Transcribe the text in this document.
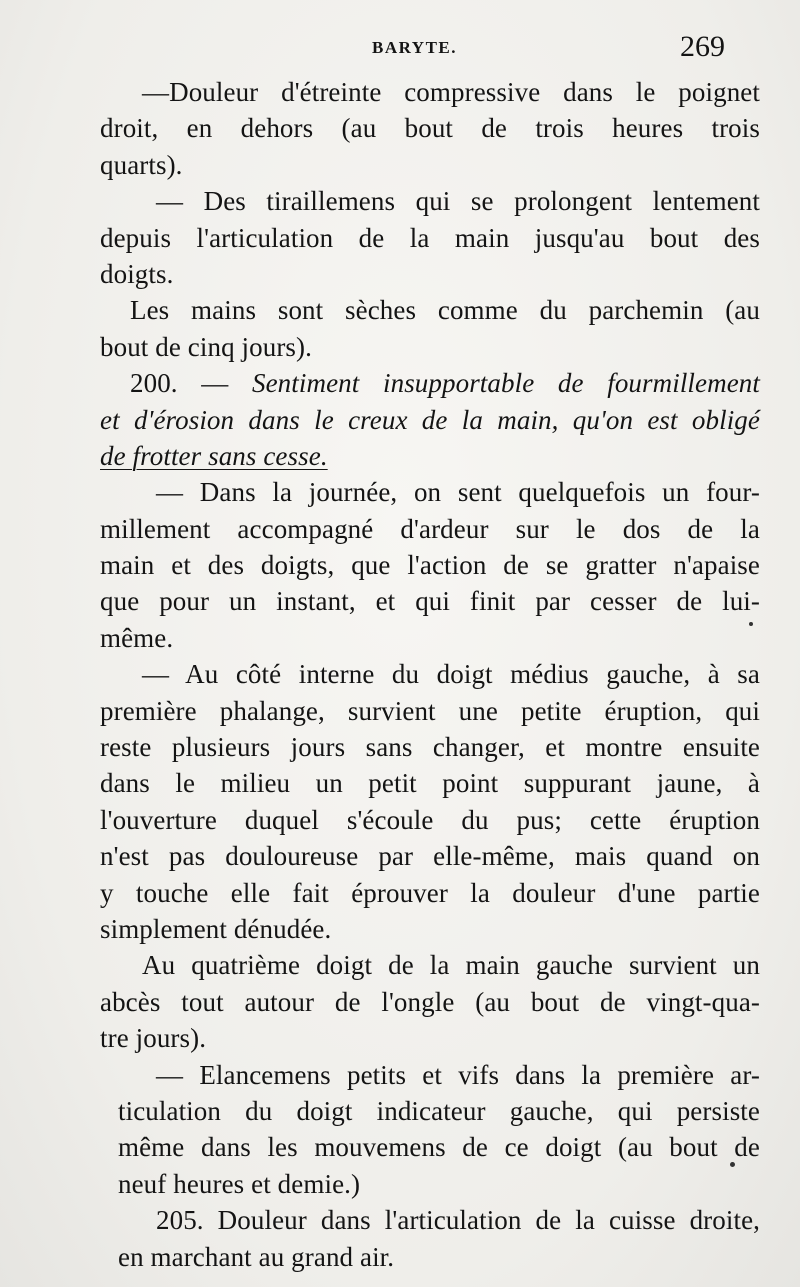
BARYTE.	269
—Douleur d'étreinte compressive dans le poignet
droit, en dehors (au bout de trois heures trois
quarts).
— Des tiraillemens qui se prolongent lentement
depuis l'articulation de la main jusqu'au bout des
doigts.
Les mains sont sèches comme du parchemin (au
bout de cinq jours).
200. — Sentiment insupportable de fourmillement
et d'érosion dans le creux de la main, qu'on est obligé
de frotter sans cesse.
— Dans la journée, on sent quelquefois un four-
millement accompagné d'ardeur sur le dos de la
main et des doigts, que l'action de se gratter n'apaise
que pour un instant, et qui finit par cesser de lui-
même.
— Au côté interne du doigt médius gauche, à sa
première phalange, survient une petite éruption, qui
reste plusieurs jours sans changer, et montre ensuite
dans le milieu un petit point suppurant jaune, à
l'ouverture duquel s'écoule du pus; cette éruption
n'est pas douloureuse par elle-même, mais quand on
y touche elle fait éprouver la douleur d'une partie
simplement dénudée.
Au quatrième doigt de la main gauche survient un
abcès tout autour de l'ongle (au bout de vingt-qua-
tre jours).
— Elancemens petits et vifs dans la première ar-
ticulation du doigt indicateur gauche, qui persiste
même dans les mouvemens de ce doigt (au bout de
neuf heures et demie.)
205. Douleur dans l'articulation de la cuisse droite,
en marchant au grand air.
